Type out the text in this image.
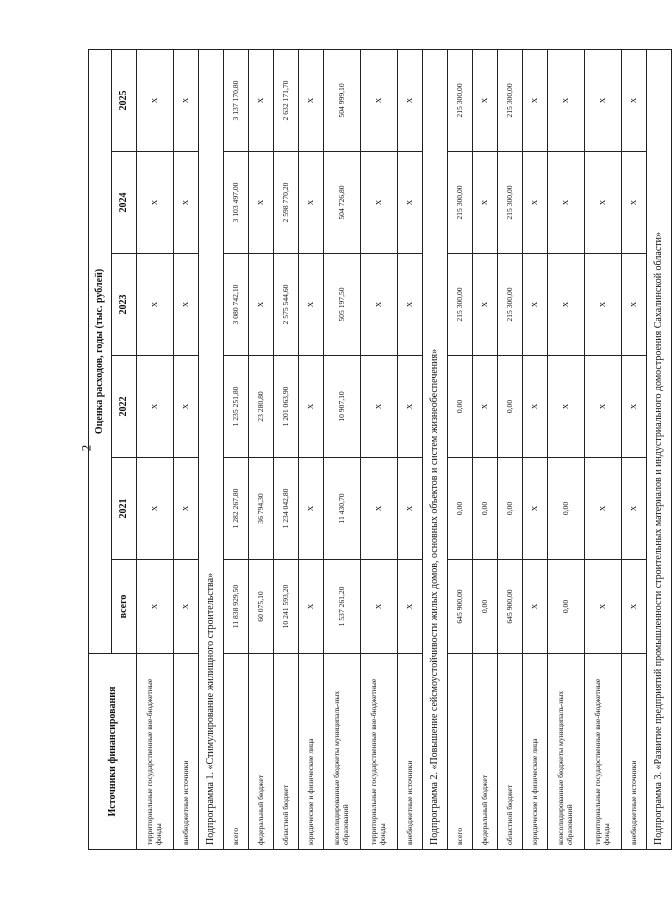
2
Источники финансирования	Оценка расходов, годы (тыс. рублей)					
	всего	2021	2022	2023	2024	2025
территориальные государственные вне-бюджетные фонды	X	X	X	X	X	X
внебюджетные источники	X	X	X	X	X	X
Подпрограмма 1. «Стимулирование жилищного строительства»						
всего	11 838 929,50	1 282 267,80	1 235 251,80	3 080 742,10	3 103 497,00	3 137 170,80
федеральный бюджет	60 075,10	36 794,30	23 280,80	X	X	X
областной бюджет	10 241 593,20	1 234 042,80	1 201 063,90	2 575 544,60	2 598 770,20	2 632 171,70
юридические и физические лица	X	X	X	X	X	X
консолидированные бюджеты муниципаль-ных образований	1 537 261,20	11 430,70	10 907,10	505 197,50	504 726,80	504 999,10
территориальные государственные вне-бюджетные фонды	X	X	X	X	X	X
внебюджетные источники	X	X	X	X	X	X
Подпрограмма 2. «Повышение сейсмоустойчивости жилых домов, основных объектов и систем жизнеобеспечения»						
всего	645 900,00	0,00	0,00	215 300,00	215 300,00	215 300,00
федеральный бюджет	0,00	0,00	X	X	X	X
областной бюджет	645 900,00	0,00	0,00	215 300,00	215 300,00	215 300,00
юридические и физические лица	X	X	X	X	X	X
консолидированные бюджеты муниципаль-ных образований	0,00	0,00	X	X	X	X
территориальные государственные вне-бюджетные фонды	X	X	X	X	X	X
внебюджетные источники	X	X	X	X	X	X
Подпрограмма 3. «Развитие предприятий промышленности строительных материалов и индустриального домостроения Сахалинской области»						
